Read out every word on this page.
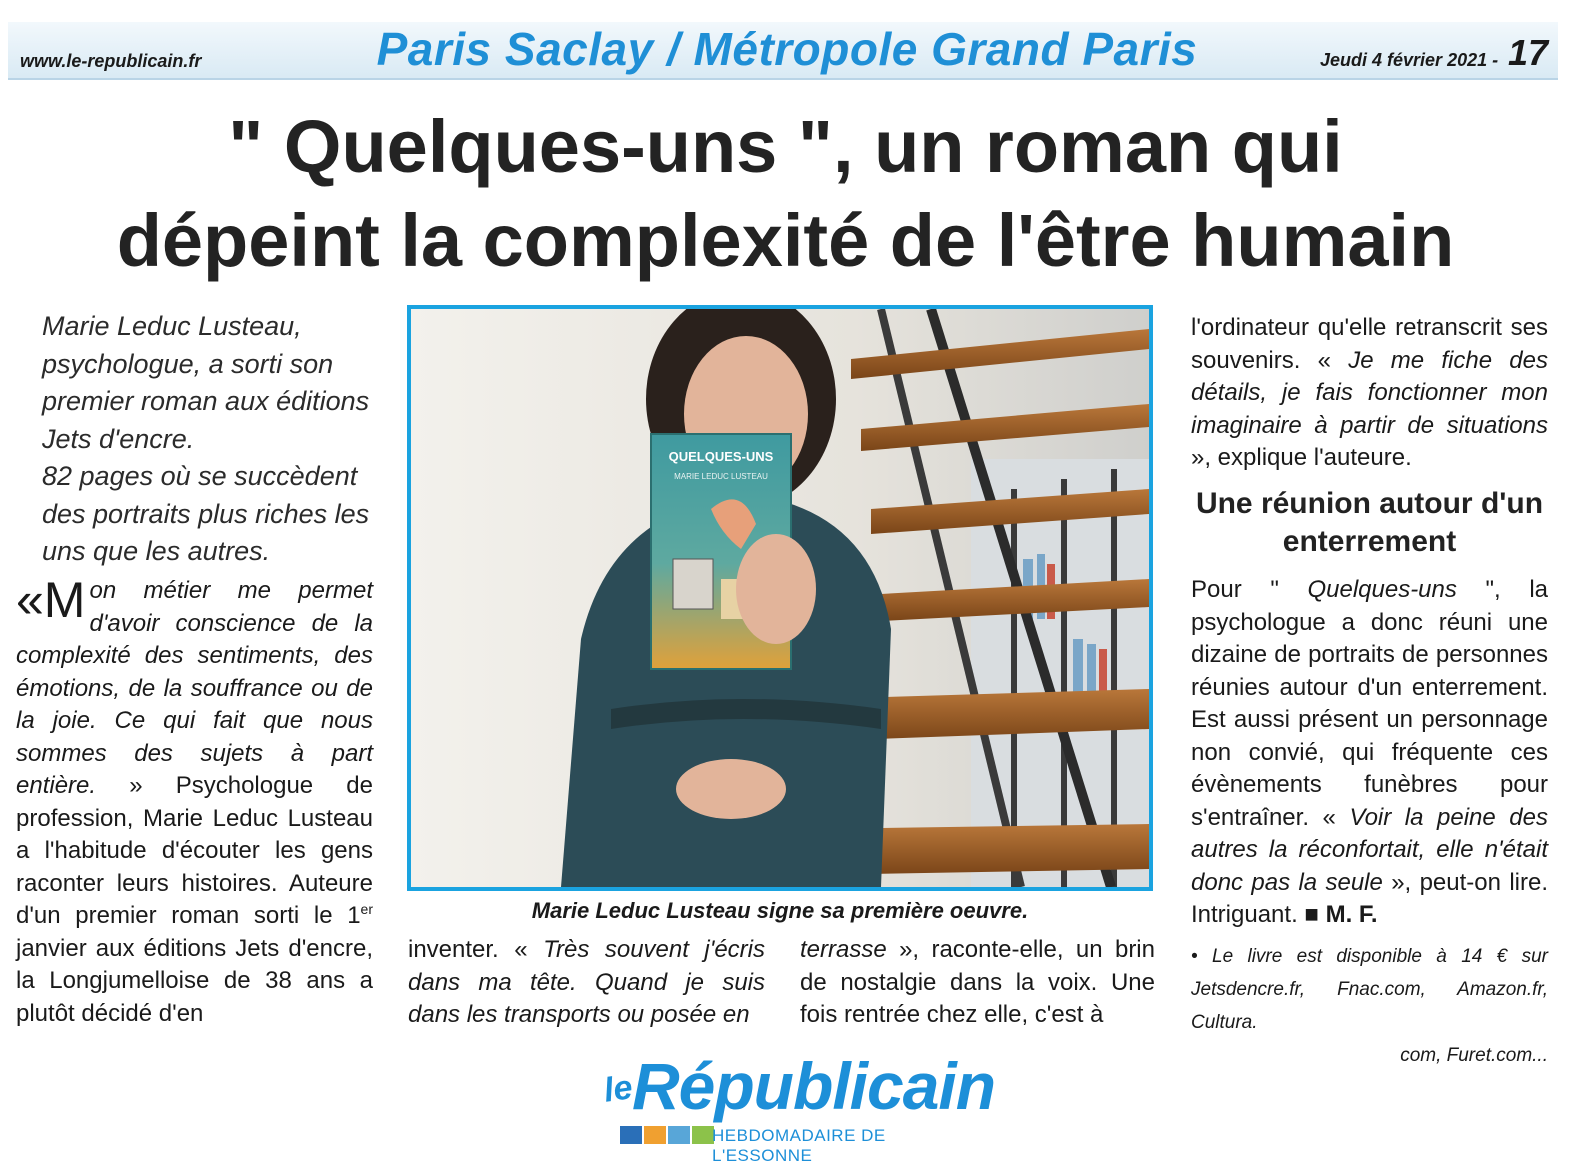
www.le-republicain.fr	Paris Saclay / Métropole Grand Paris	Jeudi 4 février 2021 - 17
" Quelques-uns ", un roman qui
dépeint la complexité de l'être humain

Marie Leduc Lusteau, psychologue, a sorti son premier roman aux éditions Jets d'encre.

82 pages où se succèdent des portraits plus riches les uns que les autres.

«Mon métier me permet d'avoir conscience de la complexité des sentiments, des émotions, de la souffrance ou de la joie. Ce qui fait que nous sommes des sujets à part entière. » Psychologue de profession, Marie Leduc Lusteau a l'habitude d'écouter les gens raconter leurs histoires. Auteure d'un premier roman sorti le 1er janvier aux éditions Jets d'encre, la Longjumelloise de 38 ans a plutôt décidé d'en

QUELQUES-UNS
MARIE LEDUC LUSTEAU
Marie Leduc Lusteau signe sa première oeuvre.

inventer. « Très souvent j'écris dans ma tête. Quand je suis dans les transports ou posée en

terrasse », raconte-elle, un brin de nostalgie dans la voix. Une fois rentrée chez elle, c'est à

l'ordinateur qu'elle retranscrit ses souvenirs. « Je me fiche des détails, je fais fonctionner mon imaginaire à partir de situations », explique l'auteure.

Une réunion autour d'un enterrement

Pour " Quelques-uns ", la psychologue a donc réuni une dizaine de portraits de personnes réunies autour d'un enterrement. Est aussi présent un personnage non convié, qui fréquente ces évènements funèbres pour s'entraîner. « Voir la peine des autres la réconfortait, elle n'était donc pas la seule », peut-on lire. Intriguant. ■ M. F.

• Le livre est disponible à 14 € sur Jetsdencre.fr, Fnac.com, Amazon.fr, Cultura.
com, Furet.com...
le
Républicain
HEBDOMADAIRE DE L'ESSONNE
